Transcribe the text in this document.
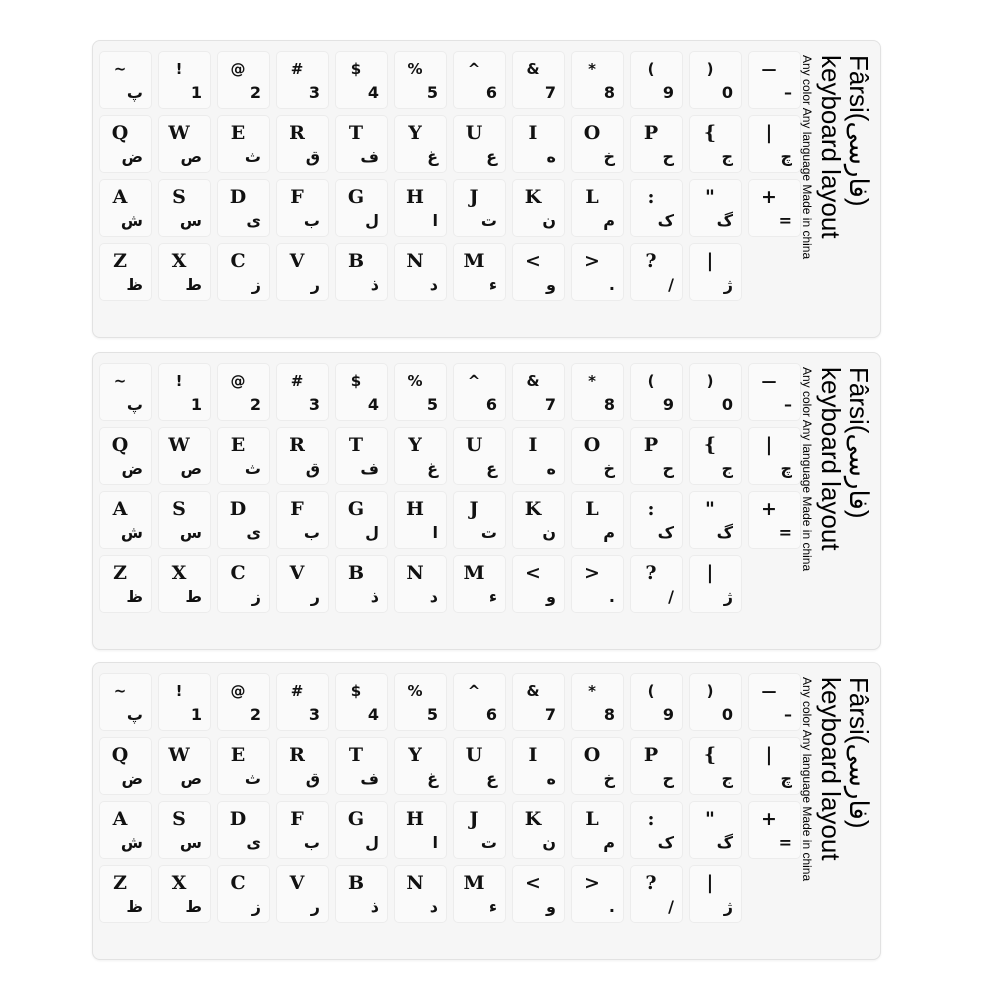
~
پ
!
1
@
2
#
3
$
4
%
5
^
6
&
7
*
8
(
9
)
0
—
–
Q
ض
W
ص
E
ث
R
ق
T
ف
Y
غ
U
ع
I
ه
O
خ
P
ح
{
ج
|
چ
A
ش
S
س
D
ی
F
ب
G
ل
H
ا
J
ت
K
ن
L
م
:
ک
"
گ
+
=
Z
ظ
X
ط
C
ز
V
ر
B
ذ
N
د
M
ء
<
و
>
.
?
/
|
ژ
Fârsi(فارسی)
keyboard layout
Any color Any language Made in china
~
پ
!
1
@
2
#
3
$
4
%
5
^
6
&
7
*
8
(
9
)
0
—
–
Q
ض
W
ص
E
ث
R
ق
T
ف
Y
غ
U
ع
I
ه
O
خ
P
ح
{
ج
|
چ
A
ش
S
س
D
ی
F
ب
G
ل
H
ا
J
ت
K
ن
L
م
:
ک
"
گ
+
=
Z
ظ
X
ط
C
ز
V
ر
B
ذ
N
د
M
ء
<
و
>
.
?
/
|
ژ
Fârsi(فارسی)
keyboard layout
Any color Any language Made in china
~
پ
!
1
@
2
#
3
$
4
%
5
^
6
&
7
*
8
(
9
)
0
—
–
Q
ض
W
ص
E
ث
R
ق
T
ف
Y
غ
U
ع
I
ه
O
خ
P
ح
{
ج
|
چ
A
ش
S
س
D
ی
F
ب
G
ل
H
ا
J
ت
K
ن
L
م
:
ک
"
گ
+
=
Z
ظ
X
ط
C
ز
V
ر
B
ذ
N
د
M
ء
<
و
>
.
?
/
|
ژ
Fârsi(فارسی)
keyboard layout
Any color Any language Made in china
